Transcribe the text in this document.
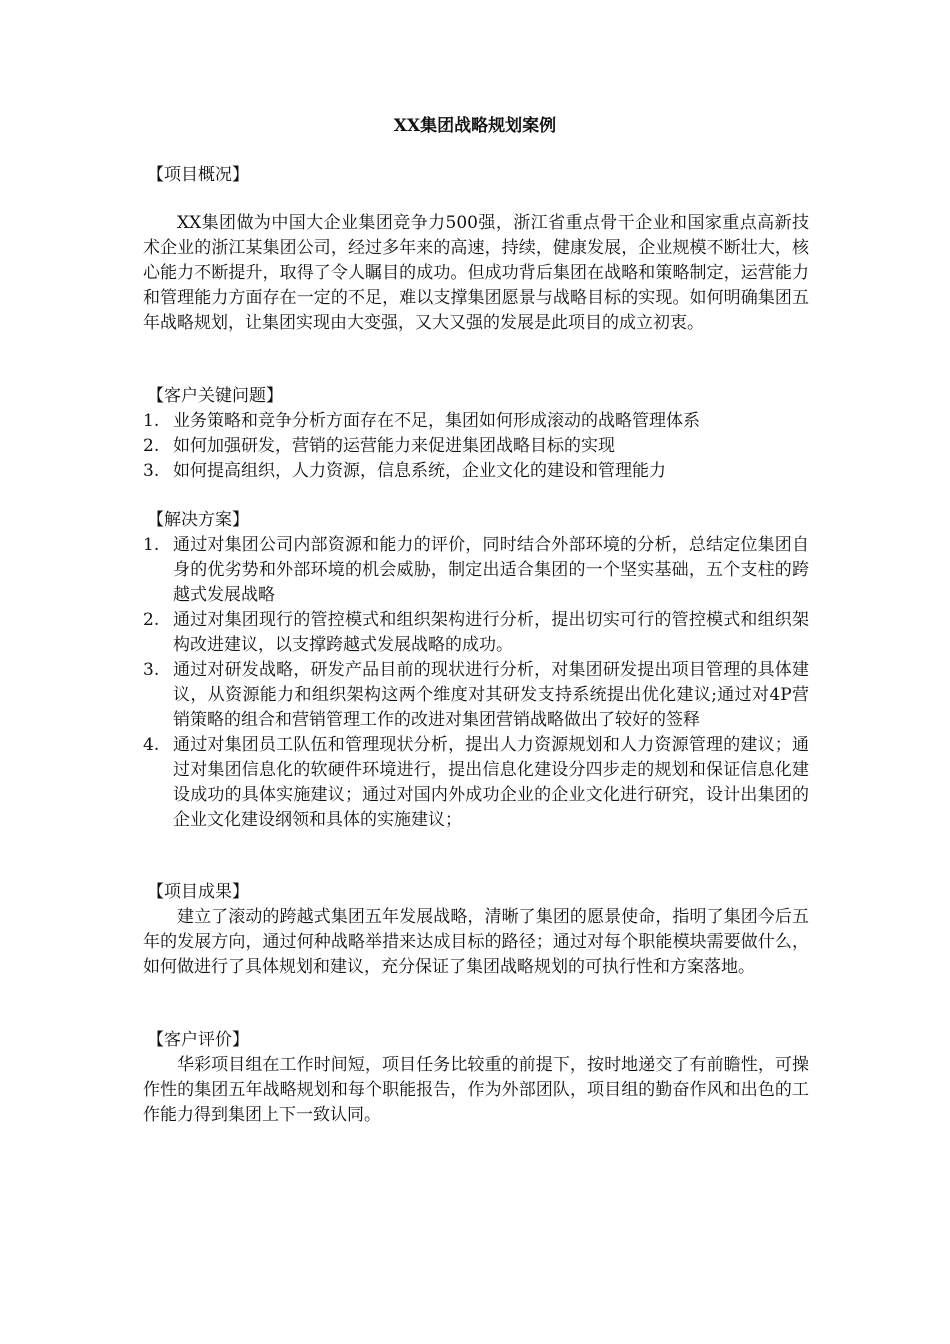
XX集团战略规划案例
【项目概况】
XX集团做为中国大企业集团竞争力500强，浙江省重点骨干企业和国家重点高新技术企业的浙江某集团公司，经过多年来的高速，持续，健康发展，企业规模不断壮大，核心能力不断提升，取得了令人瞩目的成功。但成功背后集团在战略和策略制定，运营能力和管理能力方面存在一定的不足，难以支撑集团愿景与战略目标的实现。如何明确集团五年战略规划，让集团实现由大变强，又大又强的发展是此项目的成立初衷。
【客户关键问题】
1. 业务策略和竞争分析方面存在不足，集团如何形成滚动的战略管理体系
2. 如何加强研发，营销的运营能力来促进集团战略目标的实现
3. 如何提高组织，人力资源，信息系统，企业文化的建设和管理能力
【解决方案】
1. 通过对集团公司内部资源和能力的评价，同时结合外部环境的分析，总结定位集团自身的优劣势和外部环境的机会威胁，制定出适合集团的一个坚实基础，五个支柱的跨越式发展战略
2. 通过对集团现行的管控模式和组织架构进行分析，提出切实可行的管控模式和组织架构改进建议，以支撑跨越式发展战略的成功。
3. 通过对研发战略，研发产品目前的现状进行分析，对集团研发提出项目管理的具体建议，从资源能力和组织架构这两个维度对其研发支持系统提出优化建议;通过对4P营销策略的组合和营销管理工作的改进对集团营销战略做出了较好的签释
4. 通过对集团员工队伍和管理现状分析，提出人力资源规划和人力资源管理的建议；通过对集团信息化的软硬件环境进行，提出信息化建设分四步走的规划和保证信息化建设成功的具体实施建议；通过对国内外成功企业的企业文化进行研究，设计出集团的企业文化建设纲领和具体的实施建议；
【项目成果】
建立了滚动的跨越式集团五年发展战略，清晰了集团的愿景使命，指明了集团今后五年的发展方向，通过何种战略举措来达成目标的路径；通过对每个职能模块需要做什么，如何做进行了具体规划和建议，充分保证了集团战略规划的可执行性和方案落地。
【客户评价】
华彩项目组在工作时间短，项目任务比较重的前提下，按时地递交了有前瞻性，可操作性的集团五年战略规划和每个职能报告，作为外部团队，项目组的勤奋作风和出色的工作能力得到集团上下一致认同。
